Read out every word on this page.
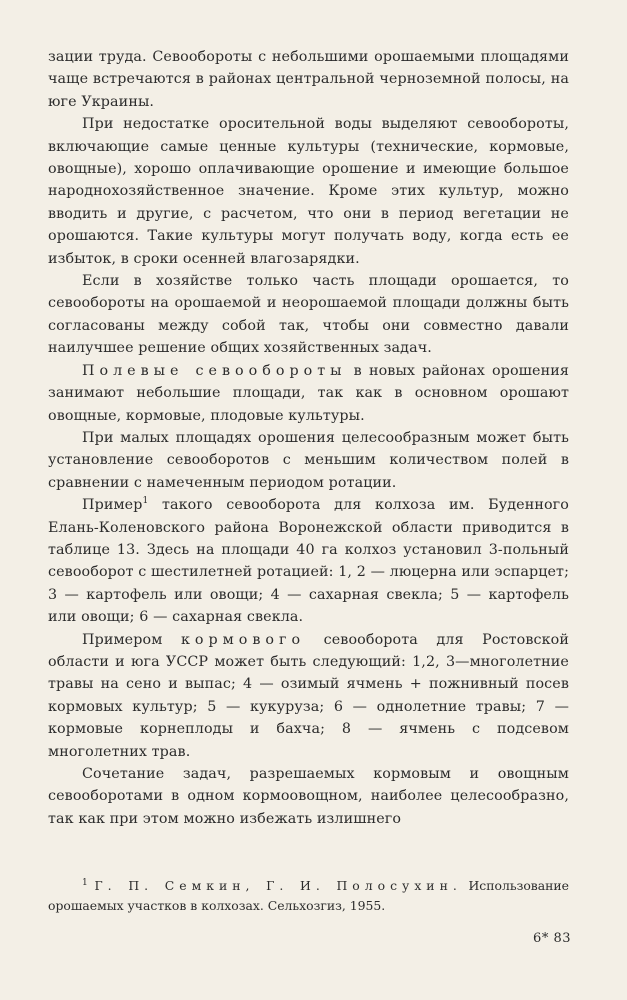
зации труда. Севообороты с небольшими орошаемыми площадями чаще встречаются в районах центральной черноземной полосы, на юге Украины.

При недостатке оросительной воды выделяют севообороты, включающие самые ценные культуры (технические, кормовые, овощные), хорошо оплачивающие орошение и имеющие большое народнохозяйственное значение. Кроме этих культур, можно вводить и другие, с расчетом, что они в период вегетации не орошаются. Такие культуры могут получать воду, когда есть ее избыток, в сроки осенней влагозарядки.

Если в хозяйстве только часть площади орошается, то севообороты на орошаемой и неорошаемой площади должны быть согласованы между собой так, чтобы они совместно давали наилучшее решение общих хозяйственных задач.

Полевые севообороты в новых районах орошения занимают небольшие площади, так как в основном орошают овощные, кормовые, плодовые культуры.

При малых площадях орошения целесообразным может быть установление севооборотов с меньшим количеством полей в сравнении с намеченным периодом ротации.

Пример$^1$ такого севооборота для колхоза им. Буденного Елань-Коленовского района Воронежской области приводится в таблице 13. Здесь на площади 40 га колхоз установил 3-польный севооборот с шестилетней ротацией: 1, 2 — люцерна или эспарцет; 3 — картофель или овощи; 4 — сахарная свекла; 5 — картофель или овощи; 6 — сахарная свекла.

Примером кормового севооборота для Ростовской области и юга УССР может быть следующий: 1,2, 3—многолетние травы на сено и выпас; 4 — озимый ячмень + пожнивный посев кормовых культур; 5 — кукуруза; 6 — однолетние травы; 7 — кормовые корнеплоды и бахча; 8 — ячмень с подсевом многолетних трав.

Сочетание задач, разрешаемых кормовым и овощным севооборотами в одном кормоовощном, наиболее целесообразно, так как при этом можно избежать излишнего

$^1$ Г. П. Семкин, Г. И. Полосухин. Использование орошаемых участков в колхозах. Сельхозгиз, 1955.

6* 83
